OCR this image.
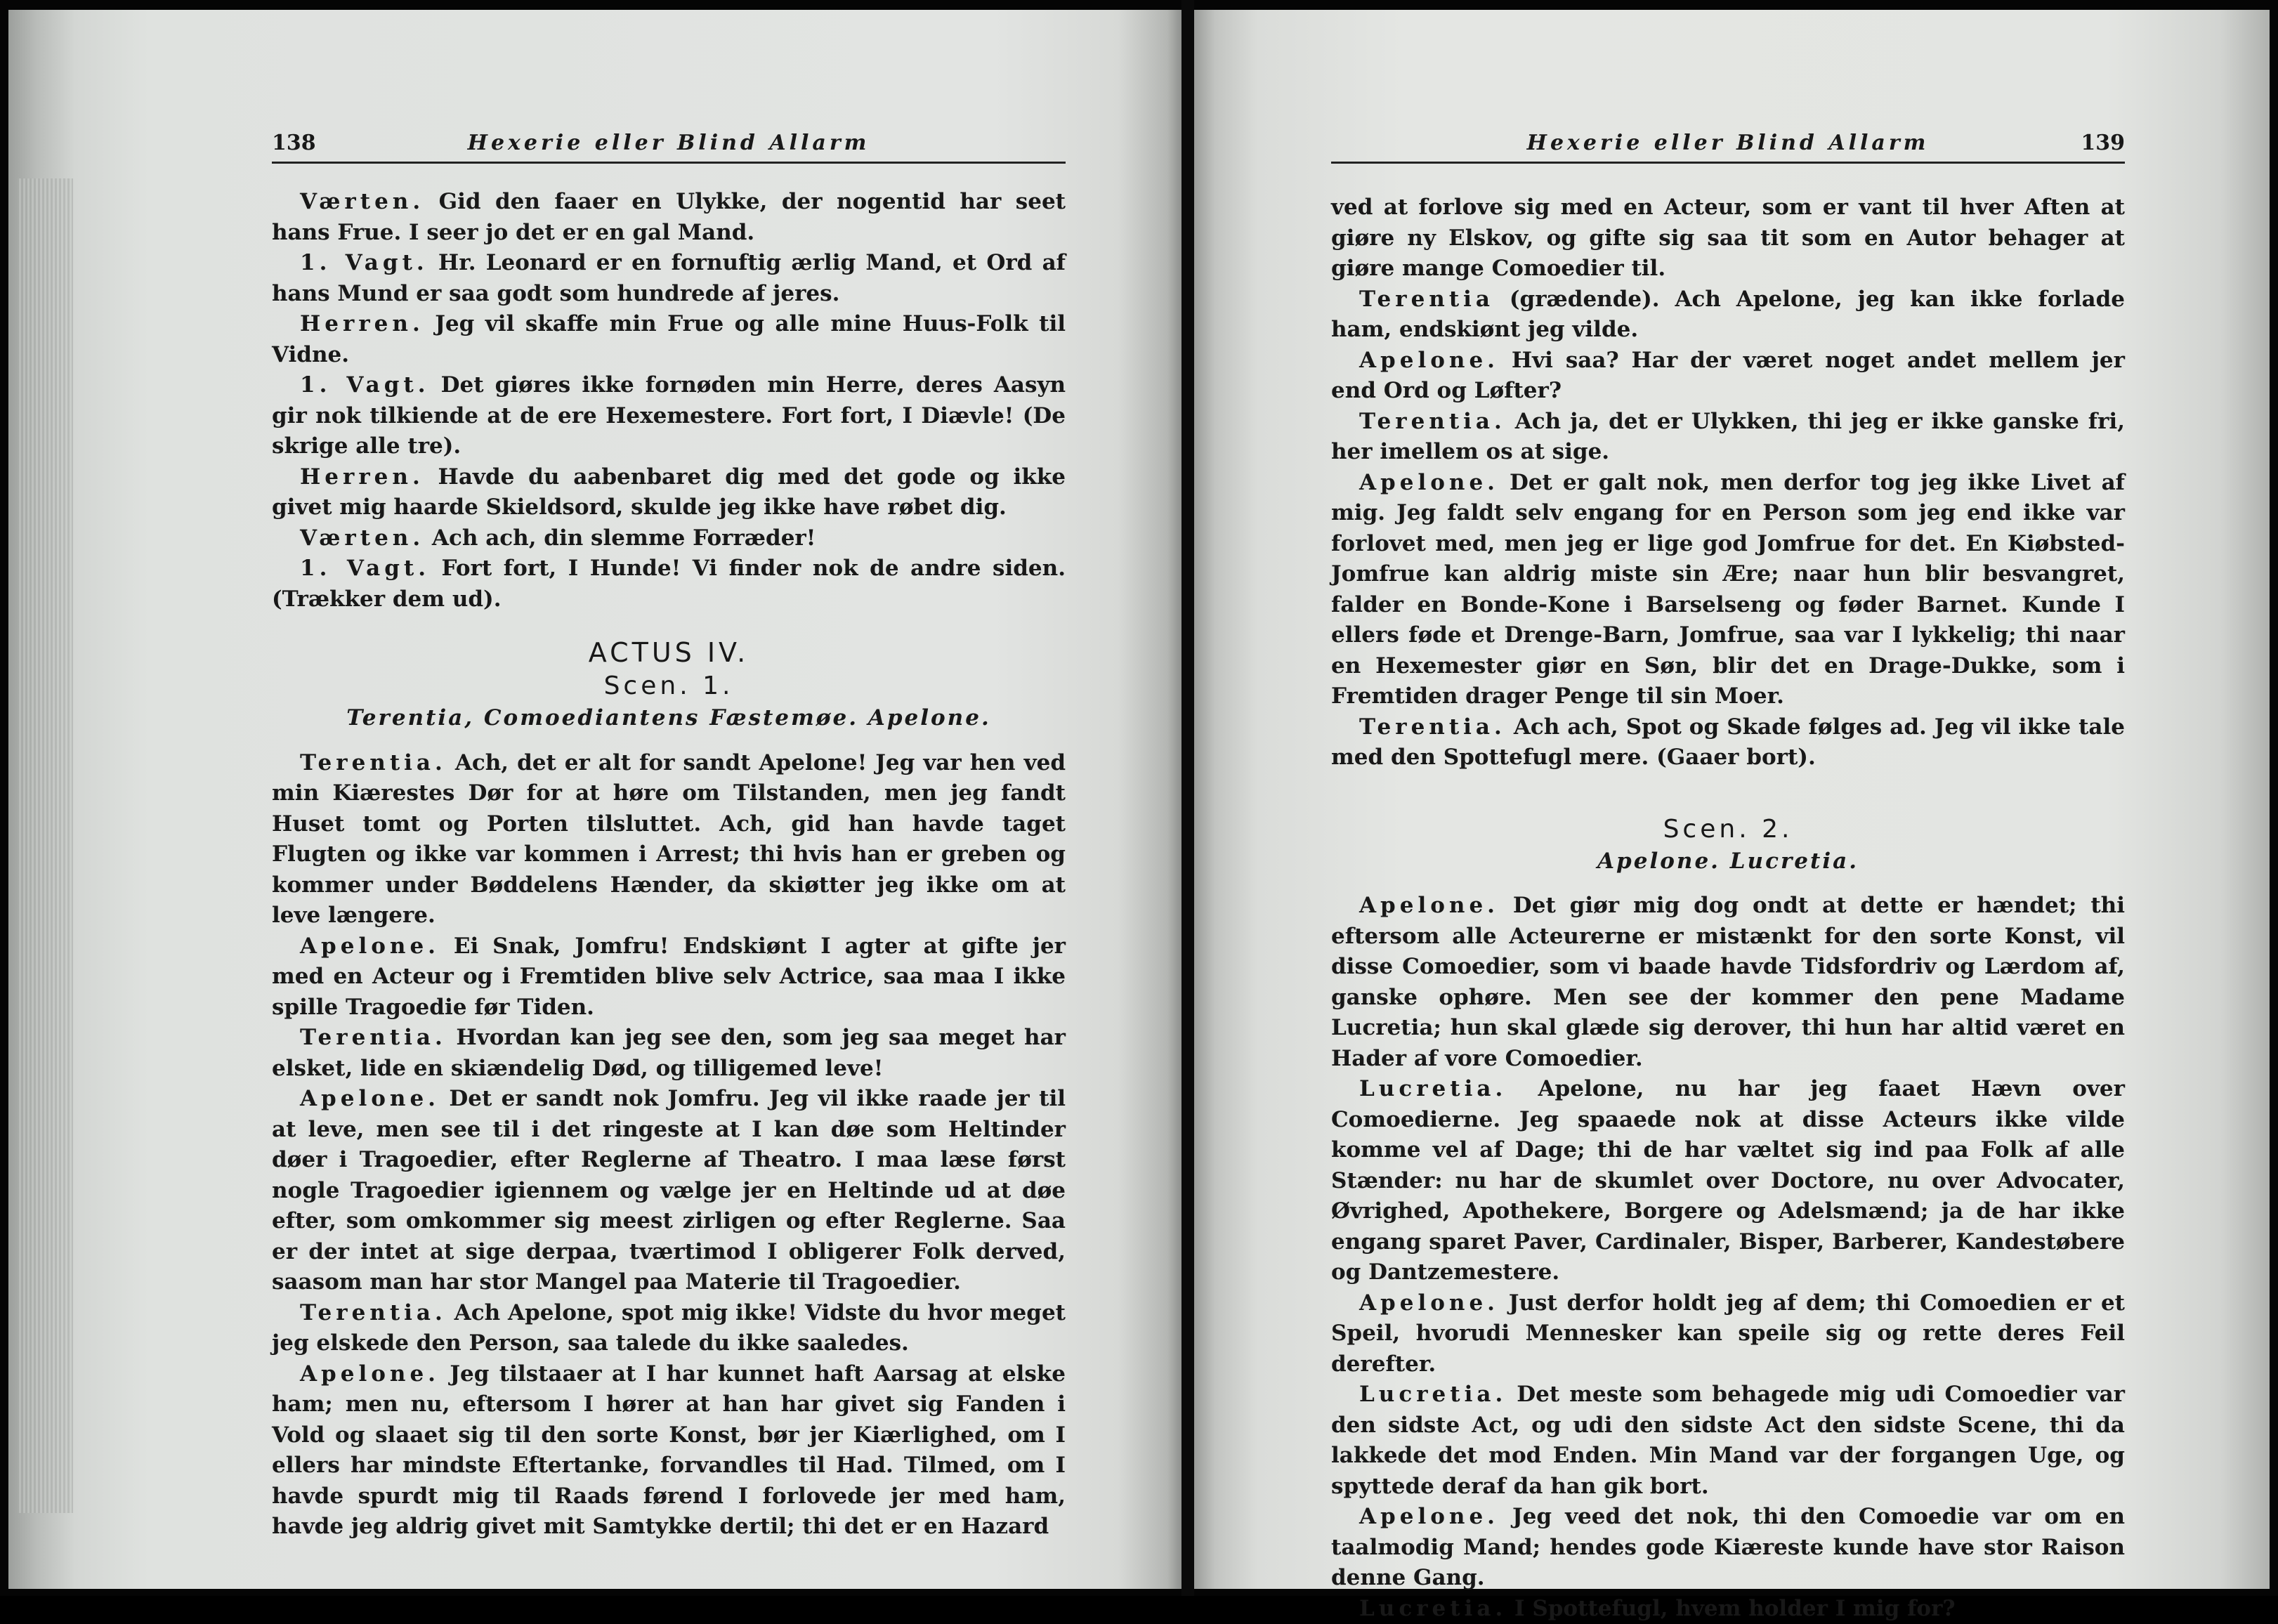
138	Hexerie eller Blind Allarm

Værten. Gid den faaer en Ulykke, der nogentid har seet hans Frue. I seer jo det er en gal Mand.

1. Vagt. Hr. Leonard er en fornuftig ærlig Mand, et Ord af hans Mund er saa godt som hundrede af jeres.

Herren. Jeg vil skaffe min Frue og alle mine Huus-Folk til Vidne.

1. Vagt. Det giøres ikke fornøden min Herre, deres Aasyn gir nok tilkiende at de ere Hexemestere. Fort fort, I Diævle! (De skrige alle tre).

Herren. Havde du aabenbaret dig med det gode og ikke givet mig haarde Skieldsord, skulde jeg ikke have røbet dig.

Værten. Ach ach, din slemme Forræder!

1. Vagt. Fort fort, I Hunde! Vi finder nok de andre siden. (Trækker dem ud).

ACTUS IV.

Scen. 1.

Terentia, Comoediantens Fæstemøe. Apelone.

Terentia. Ach, det er alt for sandt Apelone! Jeg var hen ved min Kiærestes Dør for at høre om Tilstanden, men jeg fandt Huset tomt og Porten tilsluttet. Ach, gid han havde taget Flugten og ikke var kommen i Arrest; thi hvis han er greben og kommer under Bøddelens Hænder, da skiøtter jeg ikke om at leve længere.

Apelone. Ei Snak, Jomfru! Endskiønt I agter at gifte jer med en Acteur og i Fremtiden blive selv Actrice, saa maa I ikke spille Tragoedie før Tiden.

Terentia. Hvordan kan jeg see den, som jeg saa meget har elsket, lide en skiændelig Død, og tilligemed leve!

Apelone. Det er sandt nok Jomfru. Jeg vil ikke raade jer til at leve, men see til i det ringeste at I kan døe som Heltinder døer i Tragoedier, efter Reglerne af Theatro. I maa læse først nogle Tragoedier igiennem og vælge jer en Heltinde ud at døe efter, som omkommer sig meest zirligen og efter Reglerne. Saa er der intet at sige derpaa, tværtimod I obligerer Folk derved, saasom man har stor Mangel paa Materie til Tragoedier.

Terentia. Ach Apelone, spot mig ikke! Vidste du hvor meget jeg elskede den Person, saa talede du ikke saaledes.

Apelone. Jeg tilstaaer at I har kunnet haft Aarsag at elske ham; men nu, eftersom I hører at han har givet sig Fanden i Vold og slaaet sig til den sorte Konst, bør jer Kiærlighed, om I ellers har mindste Eftertanke, forvandles til Had. Tilmed, om I havde spurdt mig til Raads førend I forlovede jer med ham, havde jeg aldrig givet mit Samtykke dertil; thi det er en Hazard

Hexerie eller Blind Allarm	139

ved at forlove sig med en Acteur, som er vant til hver Aften at giøre ny Elskov, og gifte sig saa tit som en Autor behager at giøre mange Comoedier til.

Terentia (grædende). Ach Apelone, jeg kan ikke forlade ham, endskiønt jeg vilde.

Apelone. Hvi saa? Har der været noget andet mellem jer end Ord og Løfter?

Terentia. Ach ja, det er Ulykken, thi jeg er ikke ganske fri, her imellem os at sige.

Apelone. Det er galt nok, men derfor tog jeg ikke Livet af mig. Jeg faldt selv engang for en Person som jeg end ikke var forlovet med, men jeg er lige god Jomfrue for det. En Kiøbsted-Jomfrue kan aldrig miste sin Ære; naar hun blir besvangret, falder en Bonde-Kone i Barselseng og føder Barnet. Kunde I ellers føde et Drenge-Barn, Jomfrue, saa var I lykkelig; thi naar en Hexemester giør en Søn, blir det en Drage-Dukke, som i Fremtiden drager Penge til sin Moer.

Terentia. Ach ach, Spot og Skade følges ad. Jeg vil ikke tale med den Spottefugl mere. (Gaaer bort).

Scen. 2.

Apelone. Lucretia.

Apelone. Det giør mig dog ondt at dette er hændet; thi eftersom alle Acteurerne er mistænkt for den sorte Konst, vil disse Comoedier, som vi baade havde Tidsfordriv og Lærdom af, ganske ophøre. Men see der kommer den pene Madame Lucretia; hun skal glæde sig derover, thi hun har altid været en Hader af vore Comoedier.

Lucretia. Apelone, nu har jeg faaet Hævn over Comoedierne. Jeg spaaede nok at disse Acteurs ikke vilde komme vel af Dage; thi de har væltet sig ind paa Folk af alle Stænder: nu har de skumlet over Doctore, nu over Advocater, Øvrighed, Apothekere, Borgere og Adelsmænd; ja de har ikke engang sparet Paver, Cardinaler, Bisper, Barberer, Kandestøbere og Dantzemestere.

Apelone. Just derfor holdt jeg af dem; thi Comoedien er et Speil, hvorudi Mennesker kan speile sig og rette deres Feil derefter.

Lucretia. Det meste som behagede mig udi Comoedier var den sidste Act, og udi den sidste Act den sidste Scene, thi da lakkede det mod Enden. Min Mand var der forgangen Uge, og spyttede deraf da han gik bort.

Apelone. Jeg veed det nok, thi den Comoedie var om en taalmodig Mand; hendes gode Kiæreste kunde have stor Raison denne Gang.

Lucretia. I Spottefugl, hvem holder I mig for?
